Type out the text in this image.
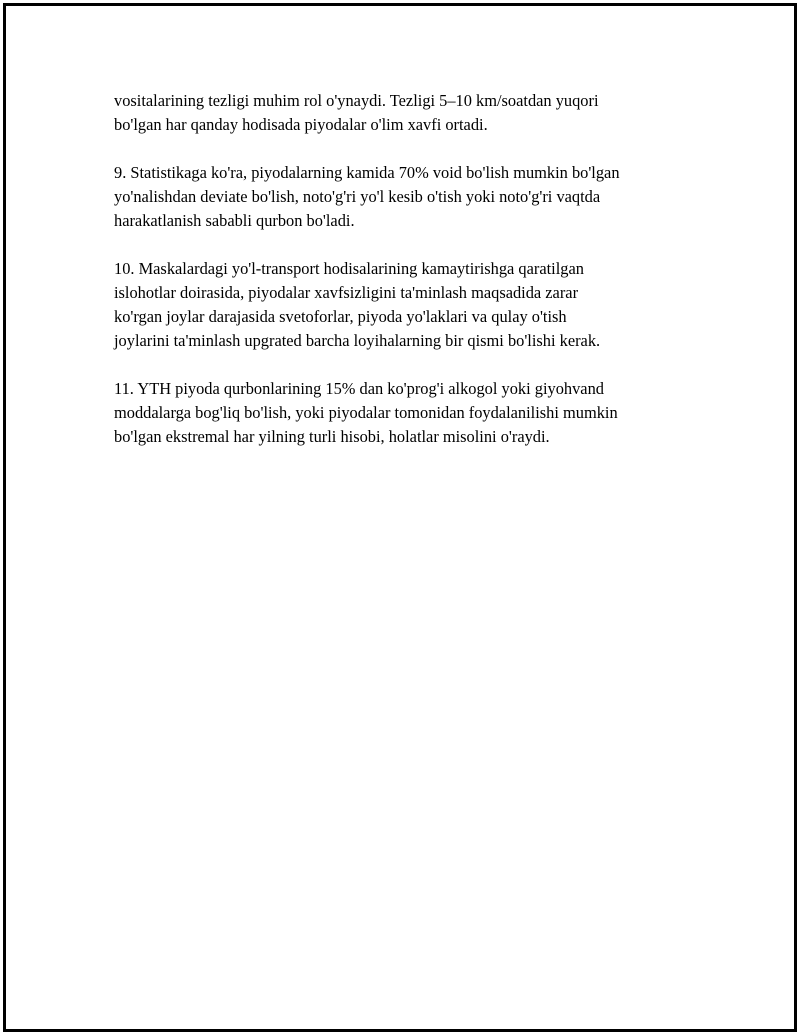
vositalarining tezligi muhim rol o'ynaydi. Tezligi 5–10 km/soatdan yuqori
bo'lgan har qanday hodisada piyodalar o'lim xavfi ortadi.

9. Statistikaga ko'ra, piyodalarning kamida 70% void bo'lish mumkin bo'lgan
yo'nalishdan deviate bo'lish, noto'g'ri yo'l kesib o'tish yoki noto'g'ri vaqtda
harakatlanish sababli qurbon bo'ladi.

10. Maskalardagi yo'l-transport hodisalarining kamaytirishga qaratilgan
islohotlar doirasida, piyodalar xavfsizligini ta'minlash maqsadida zarar
ko'rgan joylar darajasida svetoforlar, piyoda yo'laklari va qulay o'tish
joylarini ta'minlash upgrated barcha loyihalarning bir qismi bo'lishi kerak.

11. YTH piyoda qurbonlarining 15% dan ko'prog'i alkogol yoki giyohvand
moddalarga bog'liq bo'lish, yoki piyodalar tomonidan foydalanilishi mumkin
bo'lgan ekstremal har yilning turli hisobi, holatlar misolini o'raydi.
